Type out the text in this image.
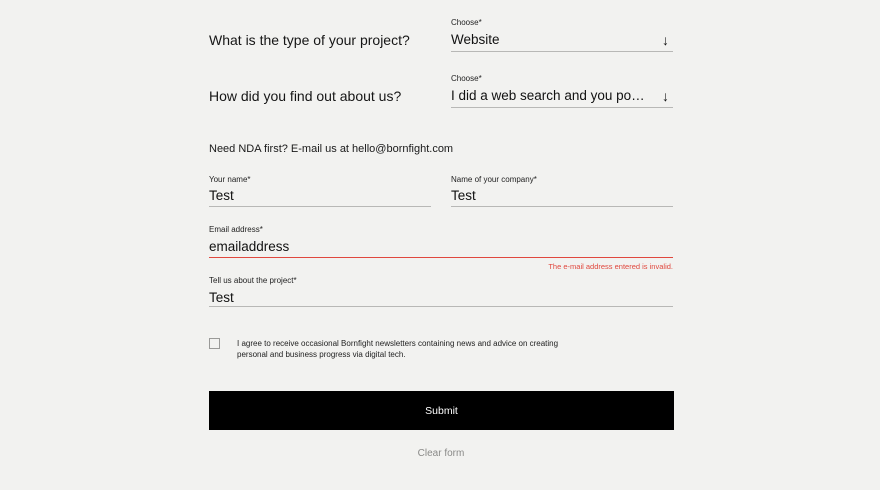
What is the type of your project?
Choose*
Website	↓
How did you find out about us?
Choose*
I did a web search and you po… ↓
Need NDA first? E-mail us at hello@bornfight.com
Your name*
Test
Name of your company*
Test
Email address*
emailaddress
The e-mail address entered is invalid.
Tell us about the project*
Test
I agree to receive occasional Bornfight newsletters containing news and advice on creating
personal and business progress via digital tech.
Submit
Clear form
